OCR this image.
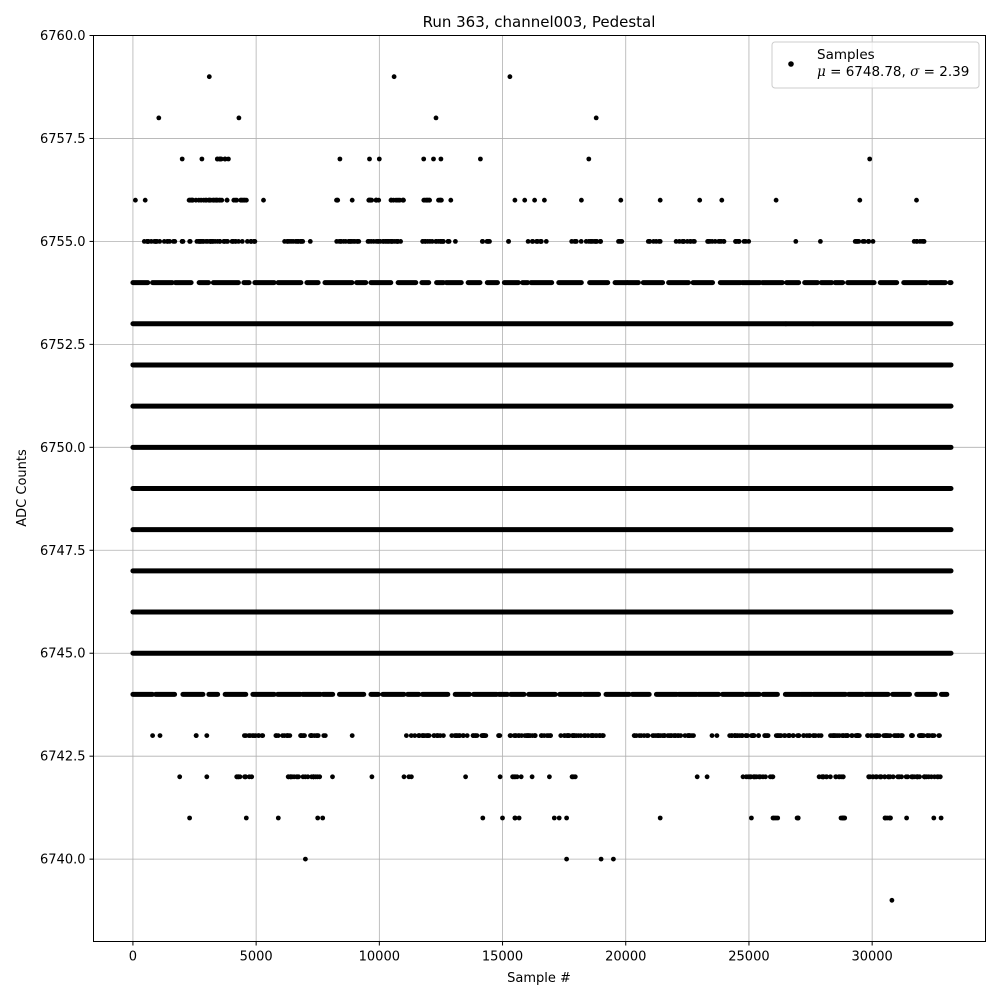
0	5000	10000	15000	20000	25000	30000
6740.0
6742.5
6745.0
6747.5
6750.0
6752.5
6755.0
6757.5
6760.0
Run 363, channel003, Pedestal
Sample #
ADC Counts
Samples
μ = 6748.78, σ = 2.39
